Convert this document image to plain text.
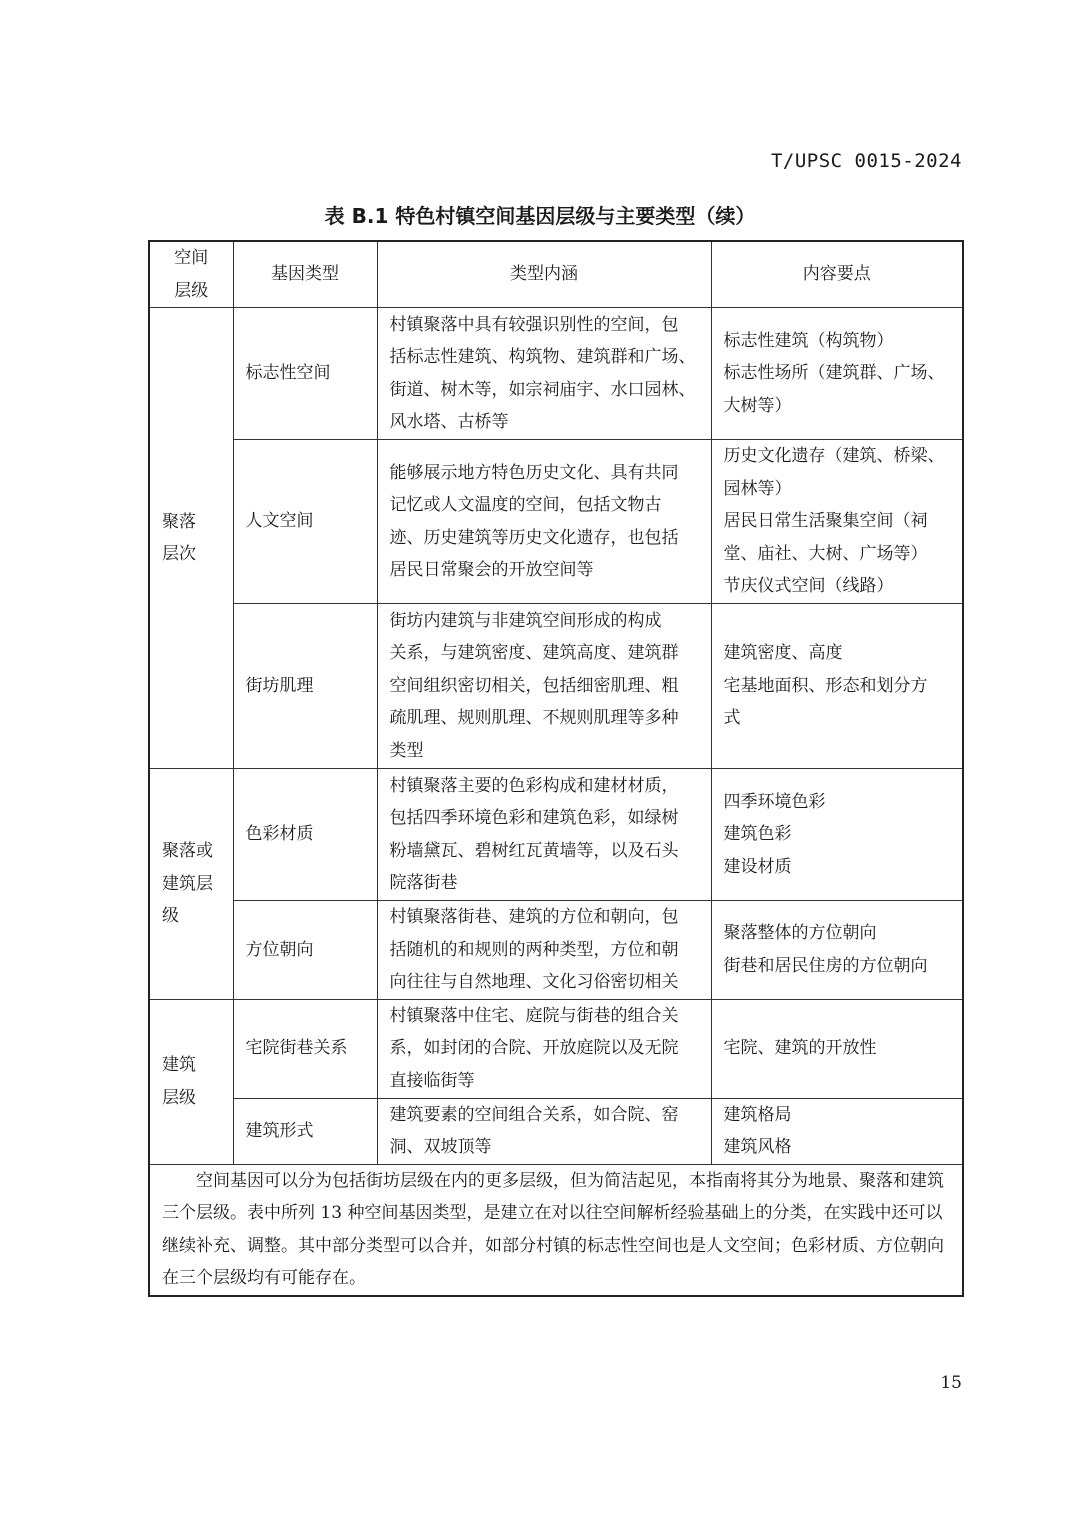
T/UPSC 0015-2024
表 B.1 特色村镇空间基因层级与主要类型（续）
空间
层级	基因类型	类型内涵	内容要点

聚落
层次	标志性空间	村镇聚落中具有较强识别性的空间，包
括标志性建筑、构筑物、建筑群和广场、
街道、树木等，如宗祠庙宇、水口园林、
风水塔、古桥等	标志性建筑（构筑物）
标志性场所（建筑群、广场、
大树等）

	人文空间	能够展示地方特色历史文化、具有共同
记忆或人文温度的空间，包括文物古
迹、历史建筑等历史文化遗存，也包括
居民日常聚会的开放空间等	历史文化遗存（建筑、桥梁、
园林等）
居民日常生活聚集空间（祠
堂、庙社、大树、广场等）
节庆仪式空间（线路）

	街坊肌理	街坊内建筑与非建筑空间形成的构成
关系，与建筑密度、建筑高度、建筑群
空间组织密切相关，包括细密肌理、粗
疏肌理、规则肌理、不规则肌理等多种
类型	建筑密度、高度
宅基地面积、形态和划分方
式

聚落或
建筑层
级	色彩材质	村镇聚落主要的色彩构成和建材材质，
包括四季环境色彩和建筑色彩，如绿树
粉墙黛瓦、碧树红瓦黄墙等，以及石头
院落街巷	四季环境色彩
建筑色彩
建设材质

	方位朝向	村镇聚落街巷、建筑的方位和朝向，包
括随机的和规则的两种类型，方位和朝
向往往与自然地理、文化习俗密切相关	聚落整体的方位朝向
街巷和居民住房的方位朝向

建筑
层级	宅院街巷关系	村镇聚落中住宅、庭院与街巷的组合关
系，如封闭的合院、开放庭院以及无院
直接临街等	宅院、建筑的开放性

	建筑形式	建筑要素的空间组合关系，如合院、窑
洞、双坡顶等	建筑格局
建筑风格

空间基因可以分为包括街坊层级在内的更多层级，但为简洁起见，本指南将其分为地景、聚落和建筑三个层级。表中所列 13 种空间基因类型，是建立在对以往空间解析经验基础上的分类，在实践中还可以继续补充、调整。其中部分类型可以合并，如部分村镇的标志性空间也是人文空间；色彩材质、方位朝向在三个层级均有可能存在。			
15
